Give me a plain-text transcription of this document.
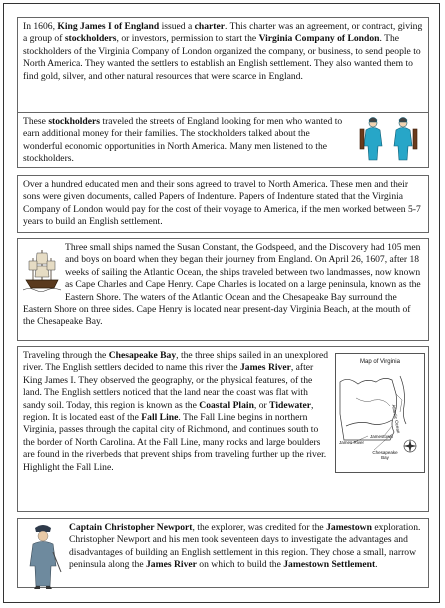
In 1606, King James I of England issued a charter. This charter was an agreement, or contract, giving a group of stockholders, or investors, permission to start the Virginia Company of London. The stockholders of the Virginia Company of London organized the company, or business, to send people to North America. They wanted the settlers to establish an English settlement. They also wanted them to find gold, silver, and other natural resources that were scarce in England.

These stockholders traveled the streets of England looking for men who wanted to earn additional money for their families. The stockholders talked about the wonderful economic opportunities in North America. Many men listened to the stockholders.

Over a hundred educated men and their sons agreed to travel to North America. These men and their sons were given documents, called Papers of Indenture. Papers of Indenture stated that the Virginia Company of London would pay for the cost of their voyage to America, if the men worked between 5-7 years to build an English settlement.

Three small ships named the Susan Constant, the Godspeed, and the Discovery had 105 men and boys on board when they began their journey from England. On April 26, 1607, after 18 weeks of sailing the Atlantic Ocean, the ships traveled between two landmasses, now known as Cape Charles and Cape Henry. Cape Charles is located on a large peninsula, known as the Eastern Shore. The waters of the Atlantic Ocean and the Chesapeake Bay surround the Eastern Shore on three sides. Cape Henry is located near present-day Virginia Beach, at the mouth of the Chesapeake Bay.

Map of Virginia
James River
Jamestown
Chesapeake Bay
Atlantic Ocean

Traveling through the Chesapeake Bay, the three ships sailed in an unexplored river. The English settlers decided to name this river the James River, after King James I. They observed the geography, or the physical features, of the land. The English settlers noticed that the land near the coast was flat with sandy soil. Today, this region is known as the Coastal Plain, or Tidewater, region. It is located east of the Fall Line. The Fall Line begins in northern Virginia, passes through the capital city of Richmond, and continues south to the border of North Carolina. At the Fall Line, many rocks and large boulders are found in the riverbeds that prevent ships from traveling further up the river. Highlight the Fall Line.

Captain Christopher Newport, the explorer, was credited for the Jamestown exploration. Christopher Newport and his men took seventeen days to investigate the advantages and disadvantages of building an English settlement in this region. They chose a small, narrow peninsula along the James River on which to build the Jamestown Settlement.
